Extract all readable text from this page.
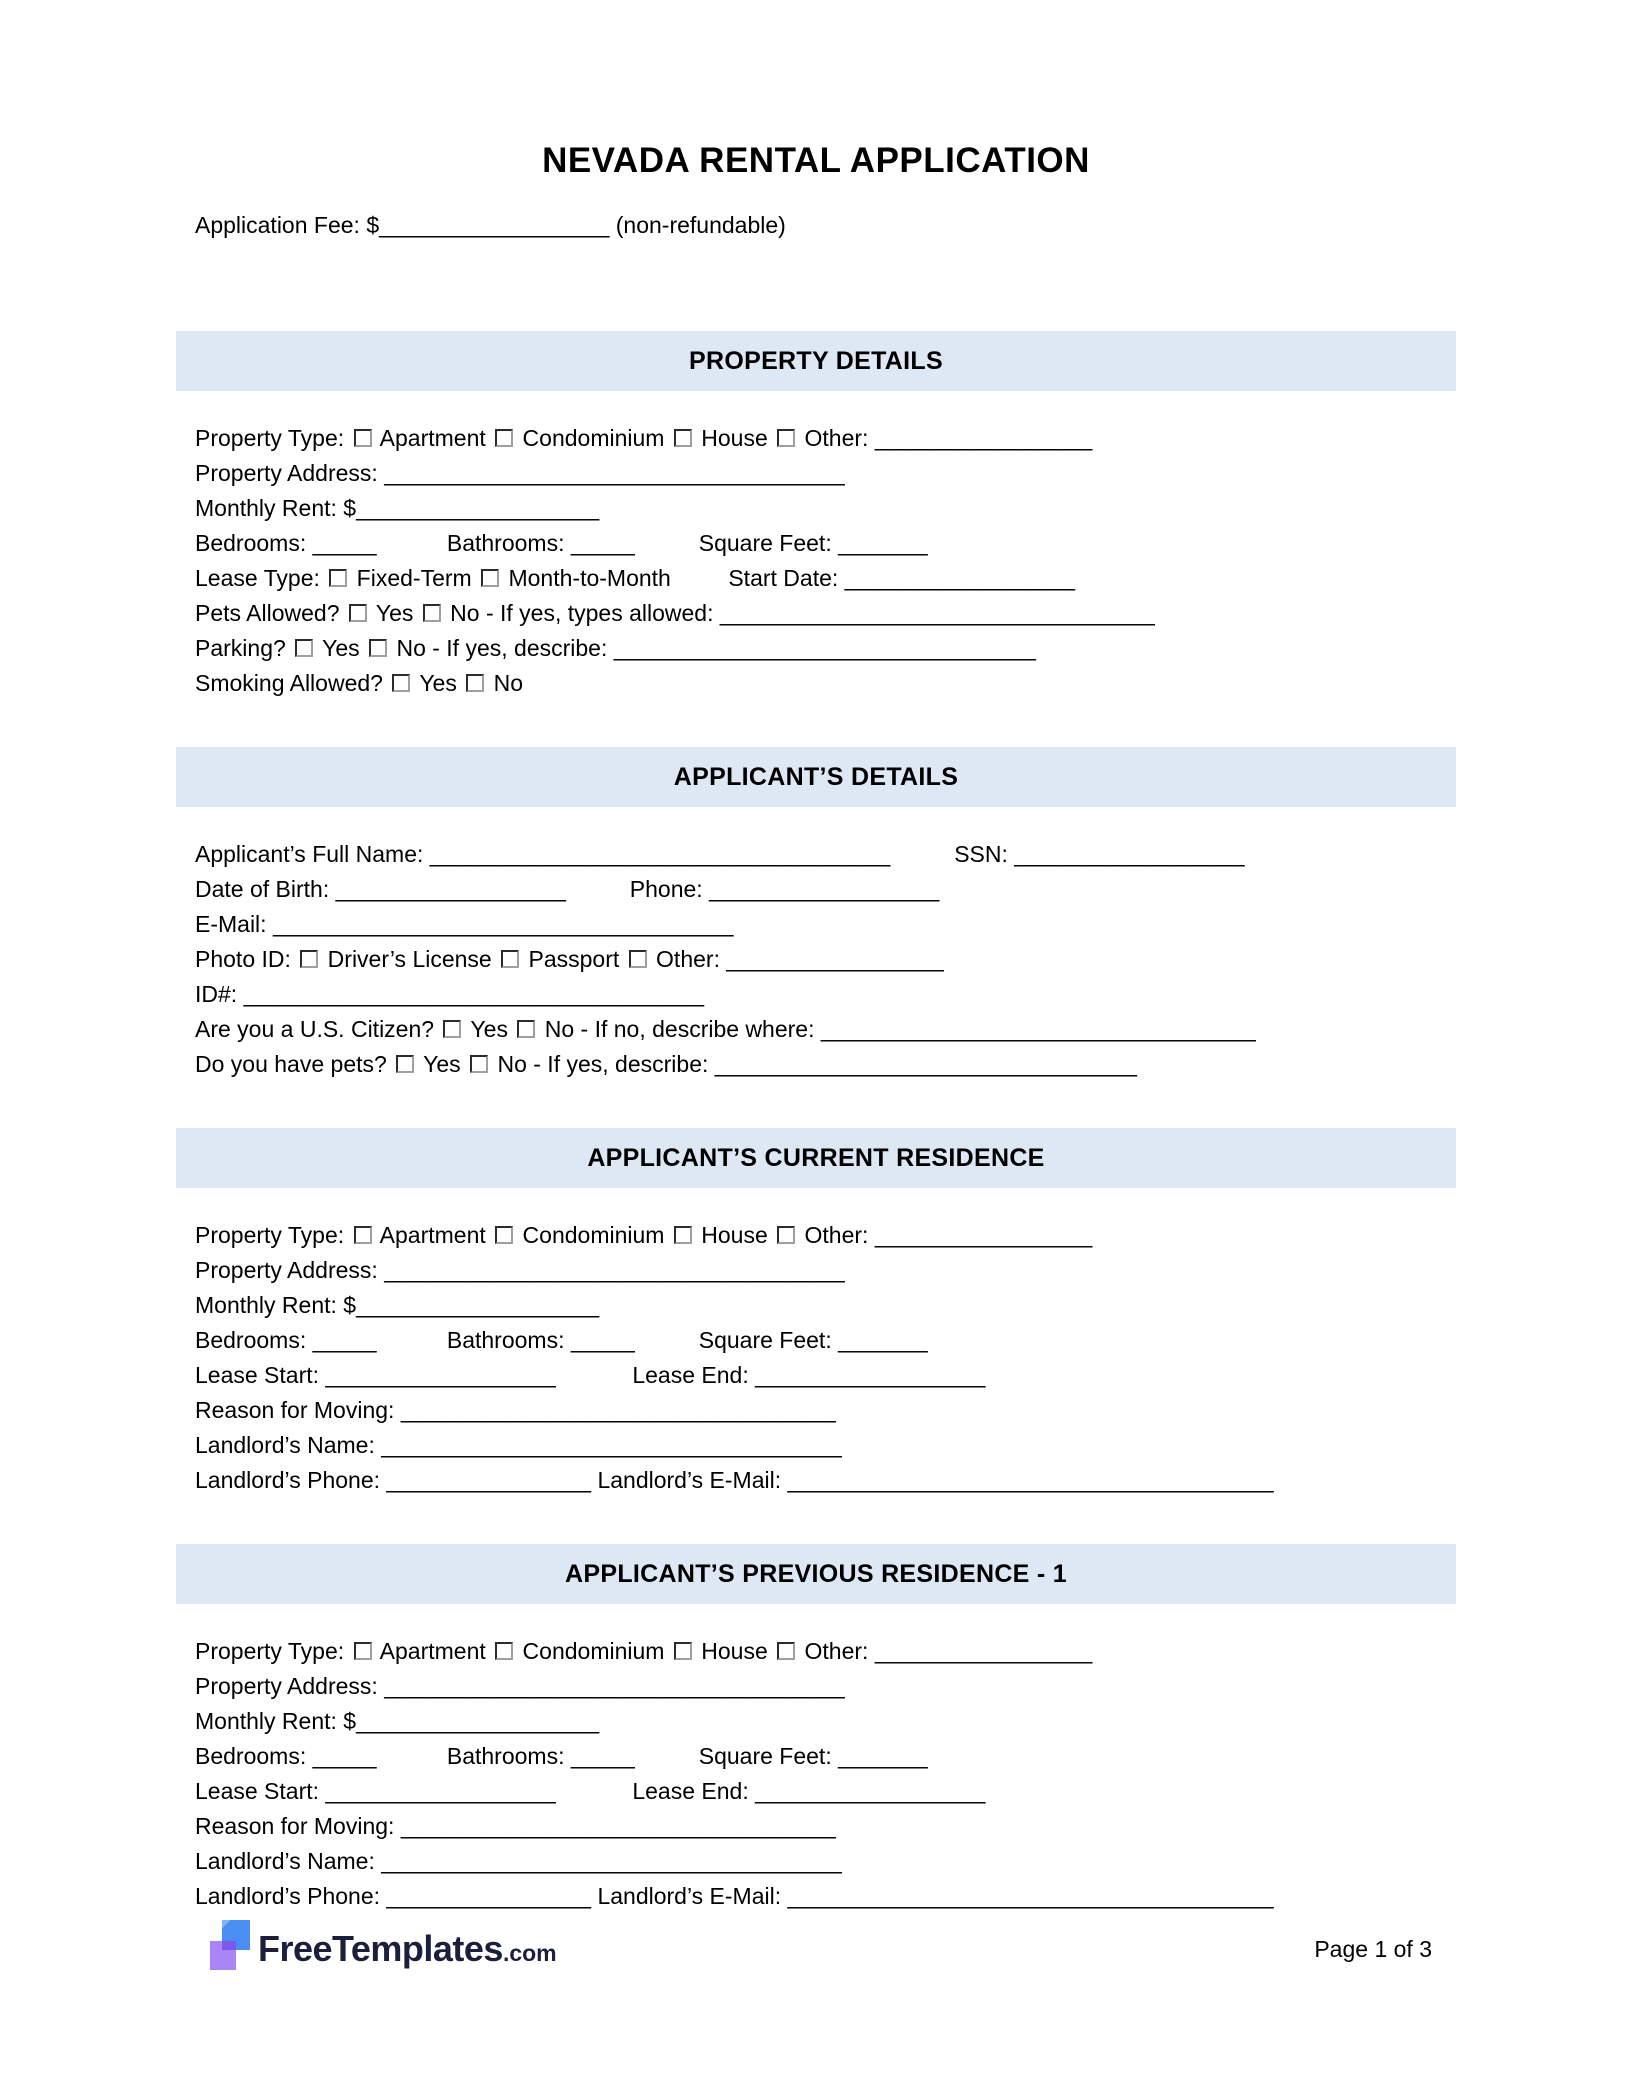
NEVADA RENTAL APPLICATION
Application Fee: $__________________ (non-refundable)
PROPERTY DETAILS
Property Type:  Apartment  Condominium  House  Other: _________________
Property Address: ____________________________________
Monthly Rent: $___________________
Bedrooms: _____           Bathrooms: _____          Square Feet: _______
Lease Type:  Fixed-Term  Month-to-Month         Start Date: __________________
Pets Allowed?  Yes  No - If yes, types allowed: __________________________________
Parking?  Yes  No - If yes, describe: _________________________________
Smoking Allowed?  Yes  No
APPLICANT’S DETAILS
Applicant’s Full Name: ____________________________________          SSN: __________________
Date of Birth: __________________          Phone: __________________
E-Mail: ____________________________________
Photo ID:  Driver’s License  Passport  Other: _________________
ID#: ____________________________________
Are you a U.S. Citizen?  Yes  No - If no, describe where: __________________________________
Do you have pets?  Yes  No - If yes, describe: _________________________________
APPLICANT’S CURRENT RESIDENCE
Property Type:  Apartment  Condominium  House  Other: _________________
Property Address: ____________________________________
Monthly Rent: $___________________
Bedrooms: _____           Bathrooms: _____          Square Feet: _______
Lease Start: __________________            Lease End: __________________
Reason for Moving: __________________________________
Landlord’s Name: ____________________________________
Landlord’s Phone: ________________ Landlord’s E-Mail: ______________________________________
APPLICANT’S PREVIOUS RESIDENCE - 1
Property Type:  Apartment  Condominium  House  Other: _________________
Property Address: ____________________________________
Monthly Rent: $___________________
Bedrooms: _____           Bathrooms: _____          Square Feet: _______
Lease Start: __________________            Lease End: __________________
Reason for Moving: __________________________________
Landlord’s Name: ____________________________________
Landlord’s Phone: ________________ Landlord’s E-Mail: ______________________________________
FreeTemplates .com	Page 1 of 3
